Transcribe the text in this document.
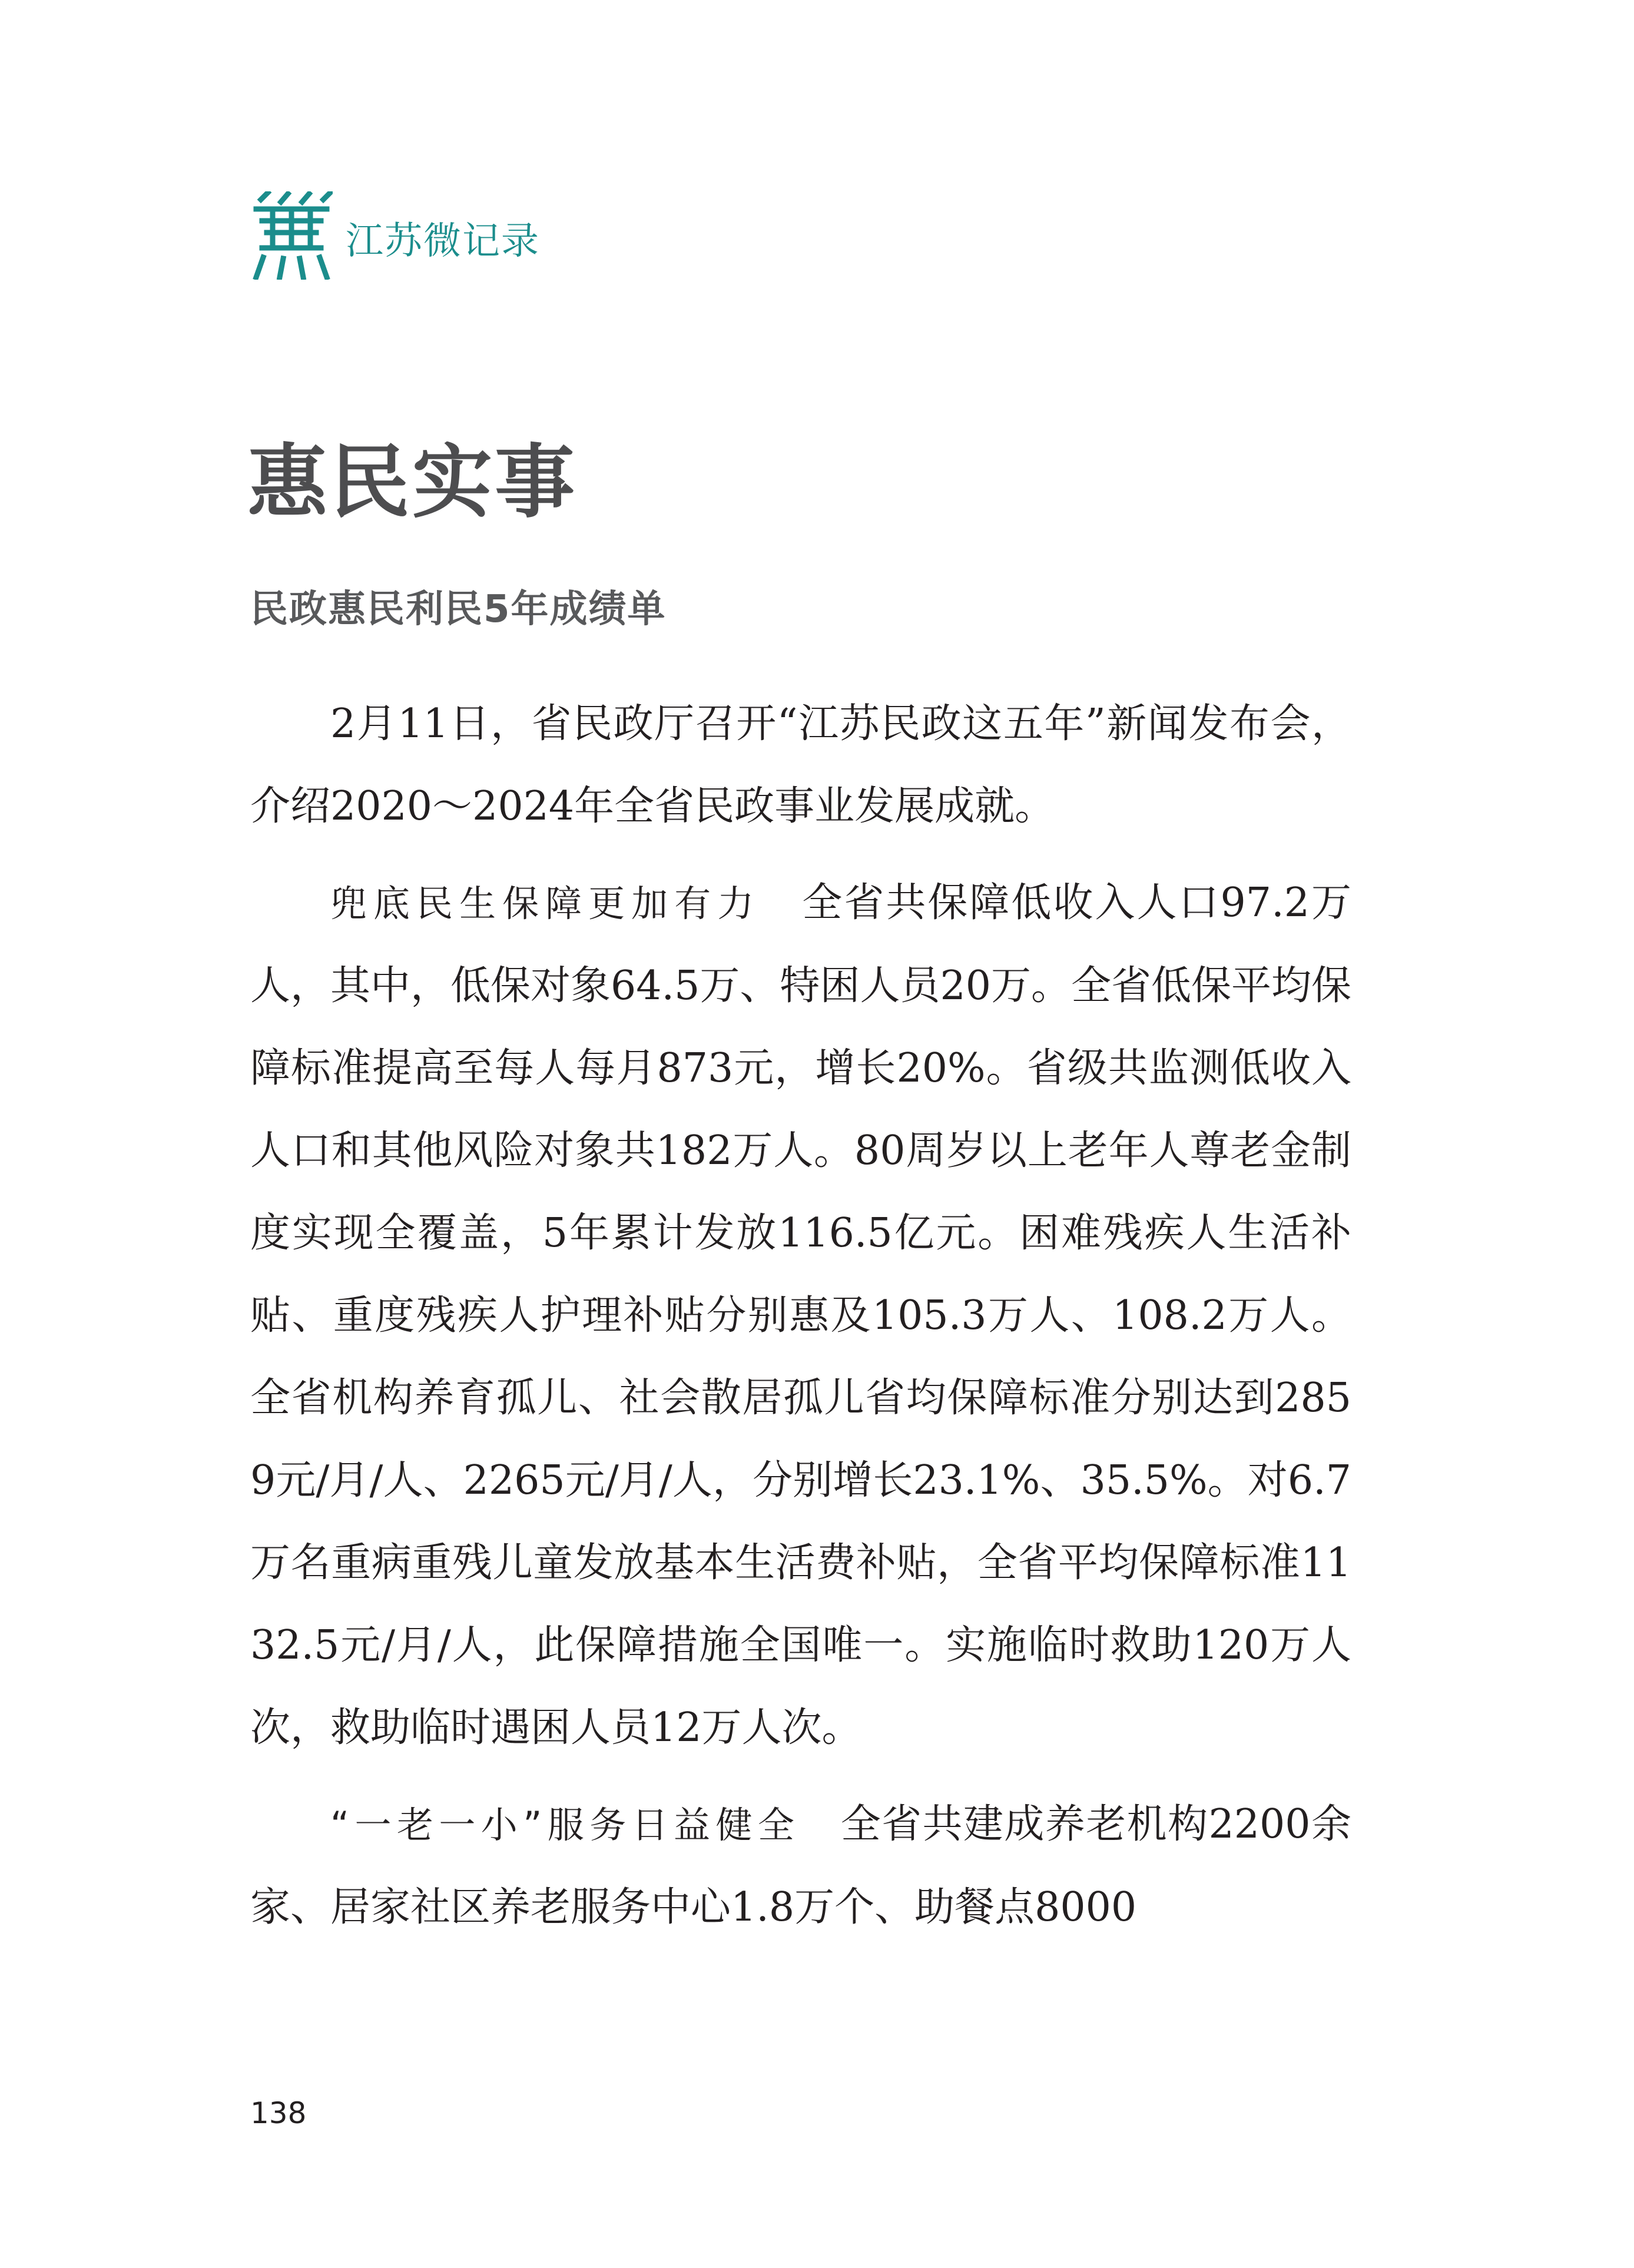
江苏微记录
惠民实事
民政惠民利民5年成绩单

2月11日，省民政厅召开“江苏民政这五年”新闻发布会，介绍2020～2024年全省民政事业发展成就。

兜底民生保障更加有力 全省共保障低收入人口97.2万人，其中，低保对象64.5万、特困人员20万。全省低保平均保障标准提高至每人每月873元，增长20%。省级共监测低收入人口和其他风险对象共182万人。80周岁以上老年人尊老金制度实现全覆盖，5年累计发放116.5亿元。困难残疾人生活补贴、重度残疾人护理补贴分别惠及105.3万人、108.2万人。全省机构养育孤儿、社会散居孤儿省均保障标准分别达到2859元/月/人、2265元/月/人，分别增长23.1%、35.5%。对6.7万名重病重残儿童发放基本生活费补贴，全省平均保障标准1132.5元/月/人，此保障措施全国唯一。实施临时救助120万人次，救助临时遇困人员12万人次。

“一老一小”服务日益健全 全省共建成养老机构2200余家、居家社区养老服务中心1.8万个、助餐点8000

138
